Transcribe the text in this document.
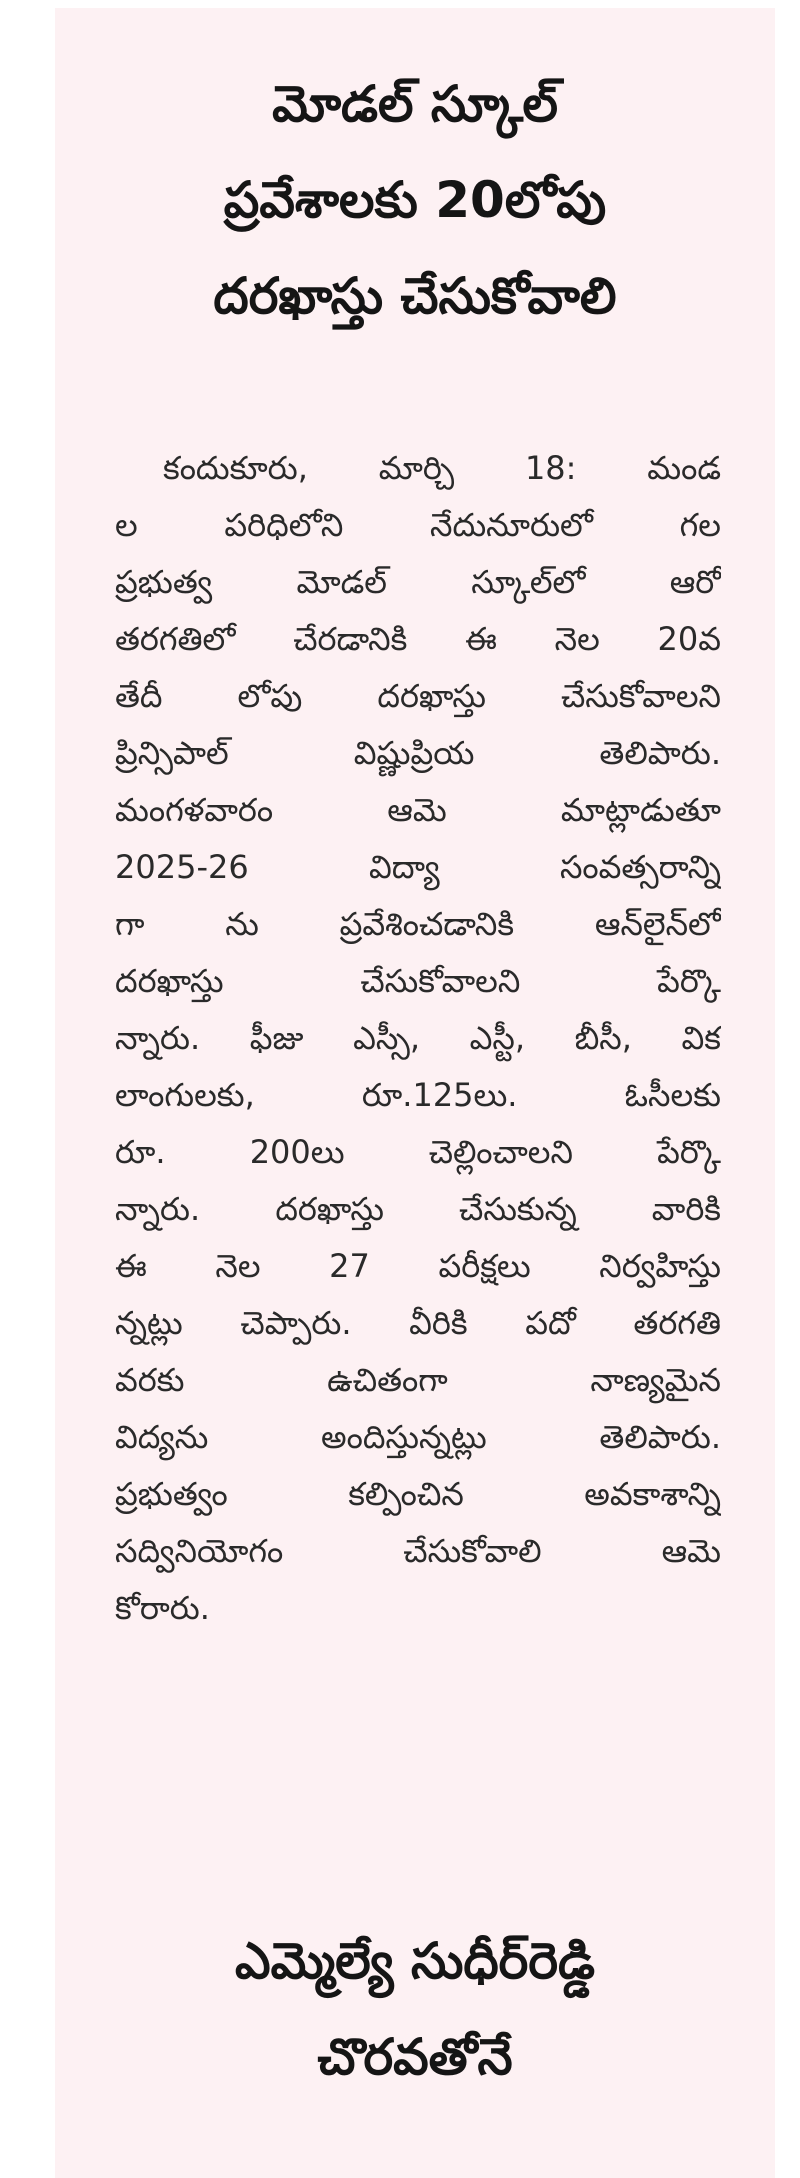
మోడల్ స్కూల్
ప్రవేశాలకు 20లోపు
దరఖాస్తు చేసుకోవాలి

కందుకూరు, మార్చి 18: మండ
ల పరిధిలోని నేదునూరులో గల
ప్రభుత్వ మోడల్ స్కూల్‌లో ఆరో
తరగతిలో చేరడానికి ఈ నెల 20వ
తేదీ లోపు దరఖాస్తు చేసుకోవాలని
ప్రిన్సిపాల్ విష్ణుప్రియ తెలిపారు.
మంగళవారం ఆమె మాట్లాడుతూ
2025-26 విద్యా సంవత్సరాన్ని
గా ను ప్రవేశించడానికి ఆన్‌లైన్‌లో
దరఖాస్తు చేసుకోవాలని పేర్కొ
న్నారు. ఫీజు ఎస్సీ, ఎస్టీ, బీసీ, విక
లాంగులకు, రూ.125లు. ఓసీలకు
రూ. 200లు చెల్లించాలని పేర్కొ
న్నారు. దరఖాస్తు చేసుకున్న వారికి
ఈ నెల 27 పరీక్షలు నిర్వహిస్తు
న్నట్లు చెప్పారు. వీరికి పదో తరగతి
వరకు ఉచితంగా నాణ్యమైన
విద్యను అందిస్తున్నట్లు తెలిపారు.
ప్రభుత్వం కల్పించిన అవకాశాన్ని
సద్వినియోగం చేసుకోవాలి ఆమె
కోరారు.

ఎమ్మెల్యే సుధీర్‌రెడ్డి
చొరవతోనే
